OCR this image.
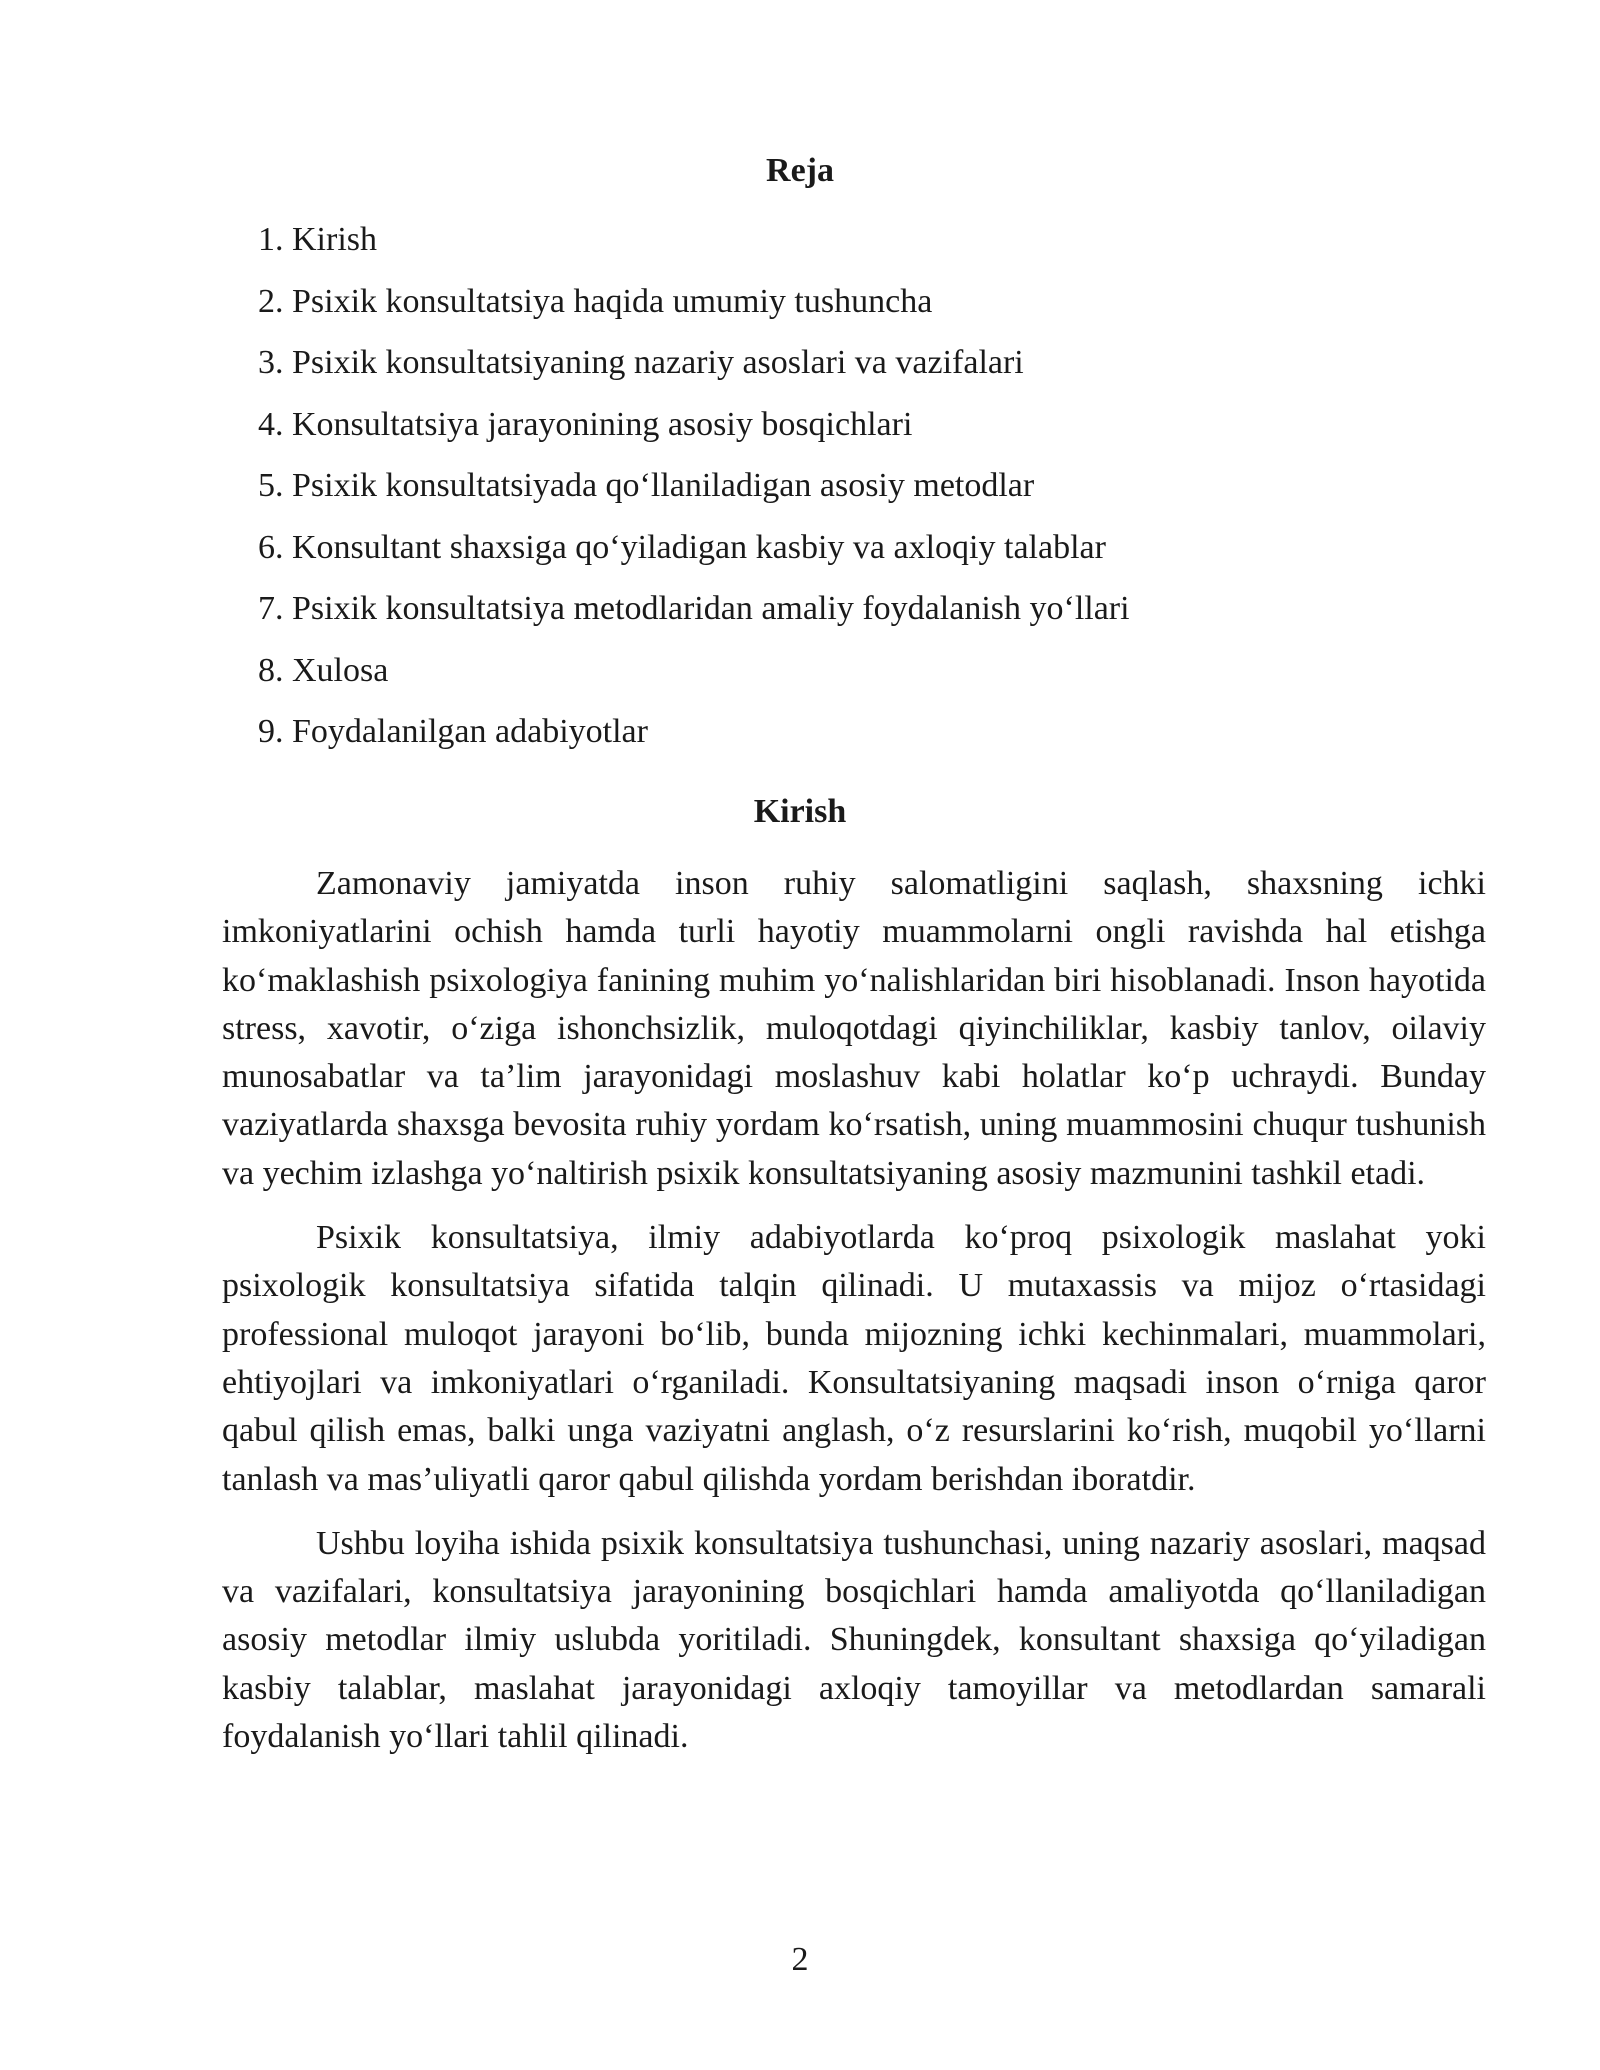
Reja
1. Kirish
2. Psixik konsultatsiya haqida umumiy tushuncha
3. Psixik konsultatsiyaning nazariy asoslari va vazifalari
4. Konsultatsiya jarayonining asosiy bosqichlari
5. Psixik konsultatsiyada qo‘llaniladigan asosiy metodlar
6. Konsultant shaxsiga qo‘yiladigan kasbiy va axloqiy talablar
7. Psixik konsultatsiya metodlaridan amaliy foydalanish yo‘llari
8. Xulosa
9. Foydalanilgan adabiyotlar
Kirish

Zamonaviy jamiyatda inson ruhiy salomatligini saqlash, shaxsning ichki imkoniyatlarini ochish hamda turli hayotiy muammolarni ongli ravishda hal etishga ko‘maklashish psixologiya fanining muhim yo‘nalishlaridan biri hisoblanadi. Inson hayotida stress, xavotir, o‘ziga ishonchsizlik, muloqotdagi qiyinchiliklar, kasbiy tanlov, oilaviy munosabatlar va ta’lim jarayonidagi moslashuv kabi holatlar ko‘p uchraydi. Bunday vaziyatlarda shaxsga bevosita ruhiy yordam ko‘rsatish, uning muammosini chuqur tushunish va yechim izlashga yo‘naltirish psixik konsultatsiyaning asosiy mazmunini tashkil etadi.

Psixik konsultatsiya, ilmiy adabiyotlarda ko‘proq psixologik maslahat yoki psixologik konsultatsiya sifatida talqin qilinadi. U mutaxassis va mijoz o‘rtasidagi professional muloqot jarayoni bo‘lib, bunda mijozning ichki kechinmalari, muammolari, ehtiyojlari va imkoniyatlari o‘rganiladi. Konsultatsiyaning maqsadi inson o‘rniga qaror qabul qilish emas, balki unga vaziyatni anglash, o‘z resurslarini ko‘rish, muqobil yo‘llarni tanlash va mas’uliyatli qaror qabul qilishda yordam berishdan iboratdir.

Ushbu loyiha ishida psixik konsultatsiya tushunchasi, uning nazariy asoslari, maqsad va vazifalari, konsultatsiya jarayonining bosqichlari hamda amaliyotda qo‘llaniladigan asosiy metodlar ilmiy uslubda yoritiladi. Shuningdek, konsultant shaxsiga qo‘yiladigan kasbiy talablar, maslahat jarayonidagi axloqiy tamoyillar va metodlardan samarali foydalanish yo‘llari tahlil qilinadi.

2
